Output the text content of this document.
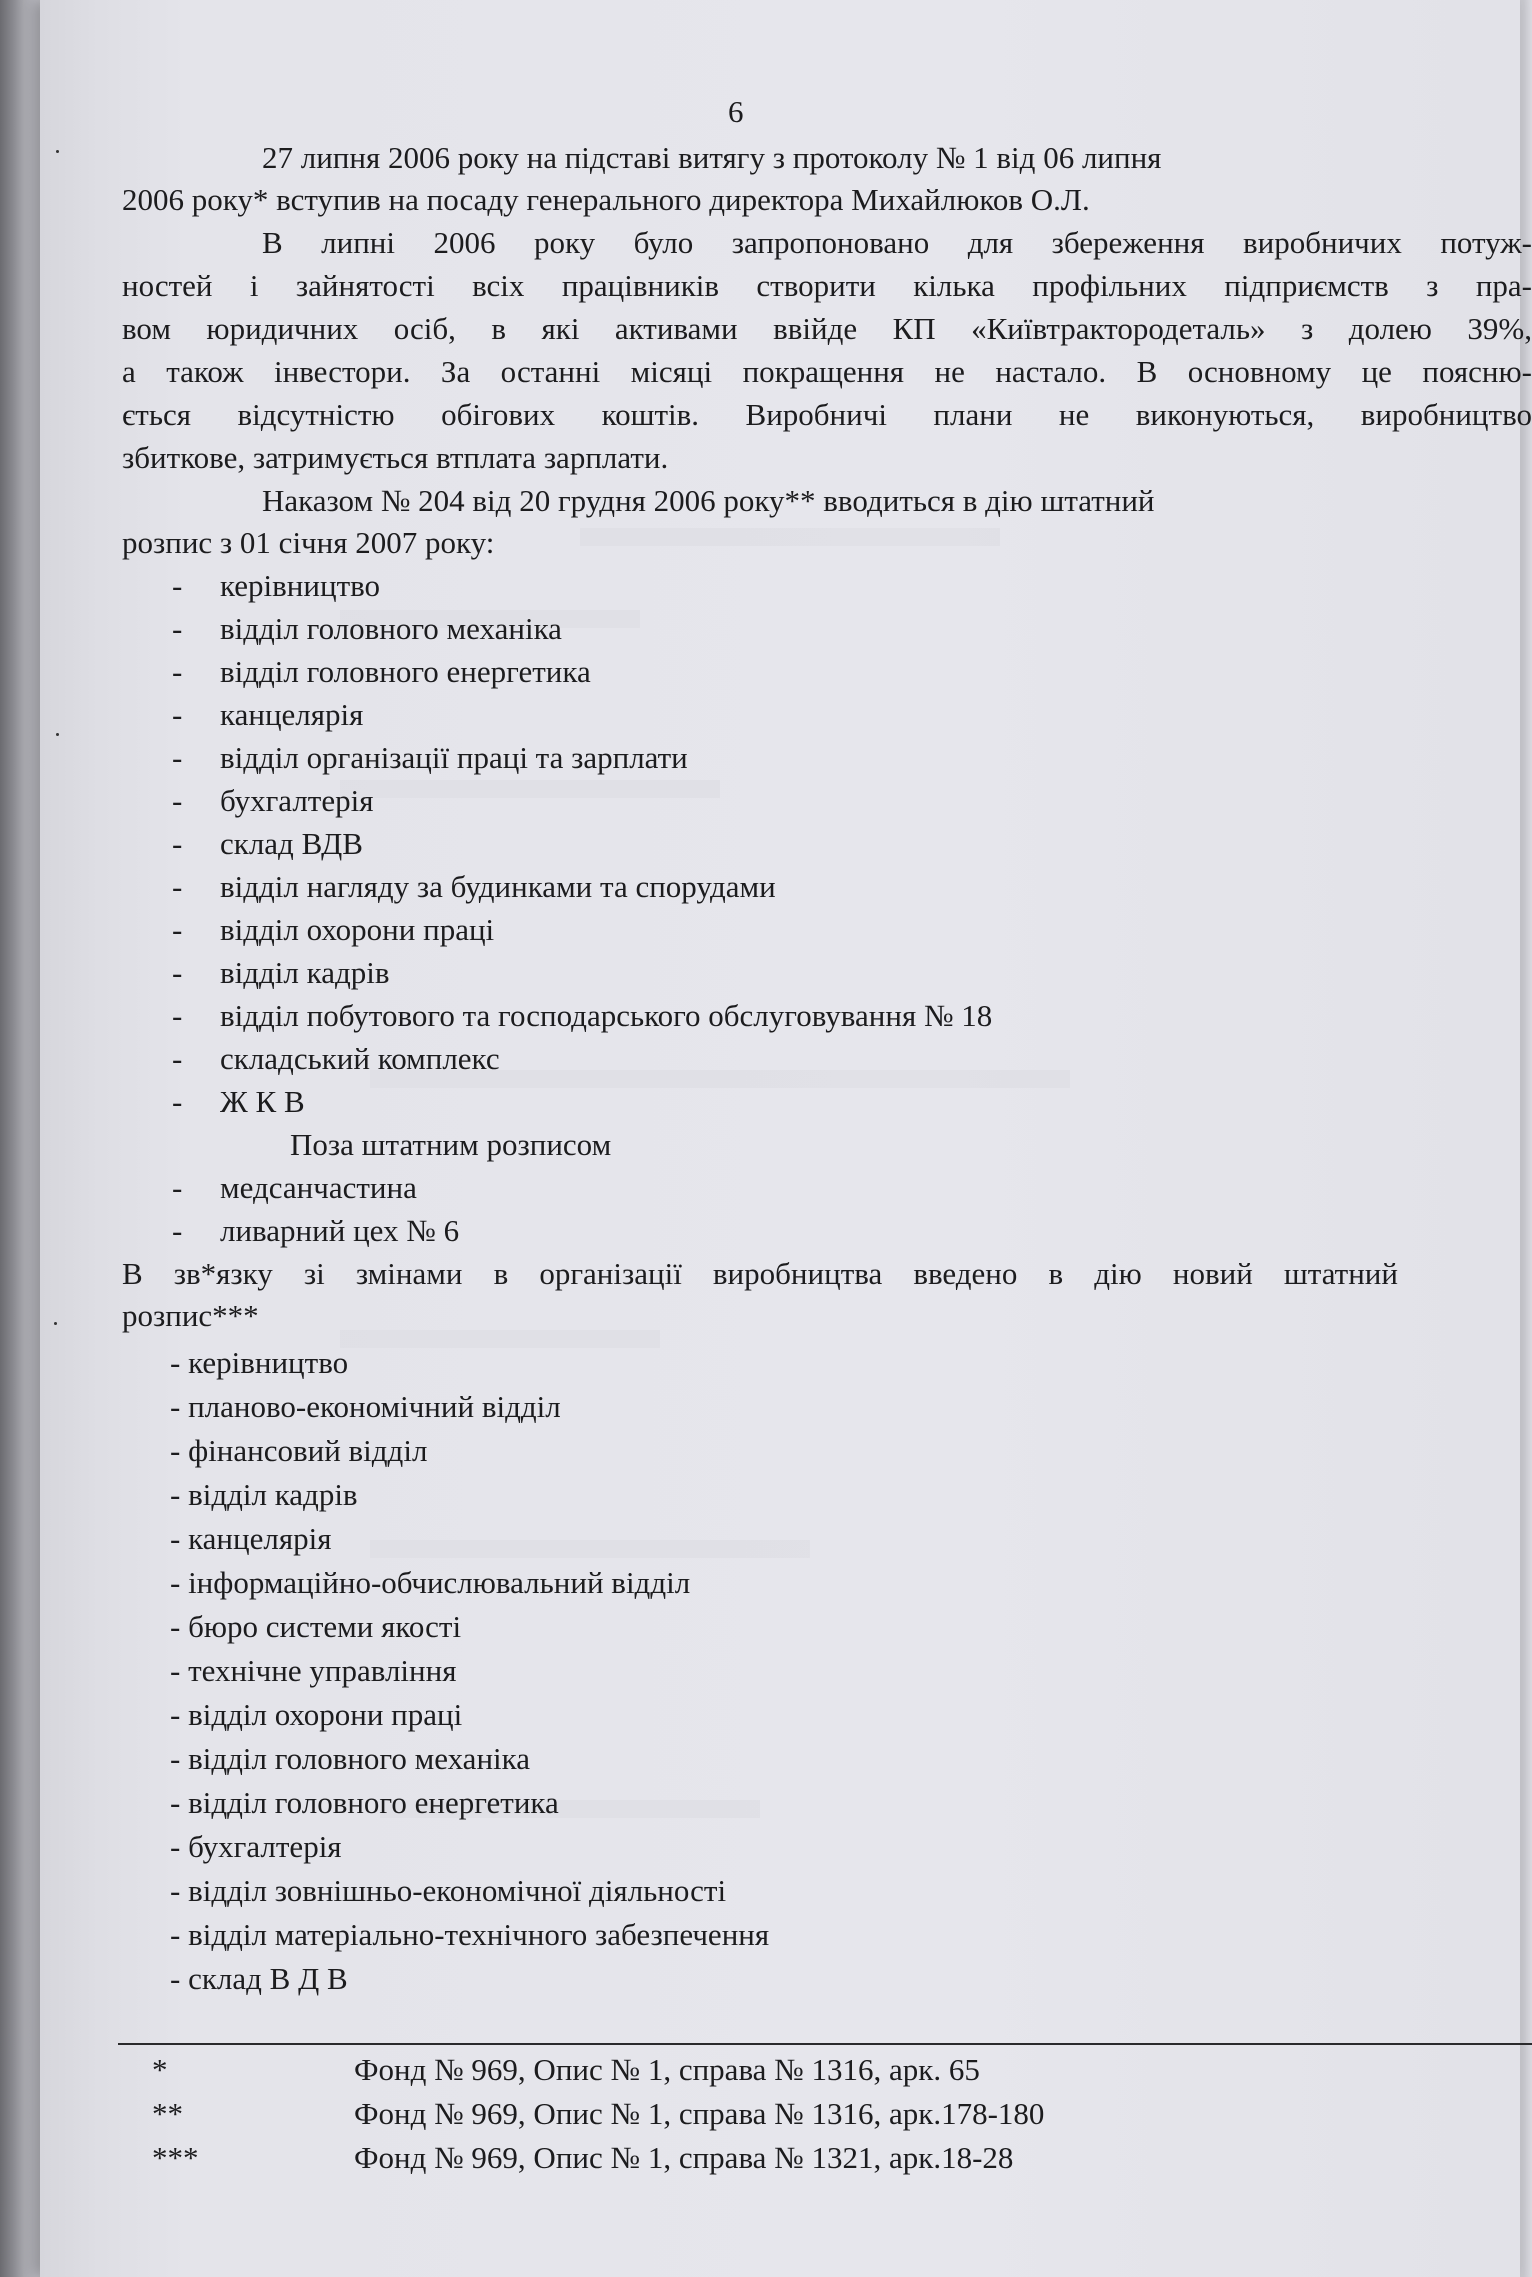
6
27 липня 2006 року на підставі витягу з протоколу № 1 від 06 липня
2006 року* вступив на посаду генерального директора Михайлюков О.Л.
В липні 2006 року було запропоновано для збереження виробничих потуж-
ностей і зайнятості всіх працівників створити кілька профільних підприємств з пра-
вом юридичних осіб, в які активами ввійде КП «Київтрактородеталь» з долею 39%,
а також інвестори. За останні місяці покращення не настало. В основному це поясню-
ється відсутністю обігових коштів. Виробничі плани не виконуються, виробництво
збиткове, затримується втплата зарплати.
Наказом № 204 від 20 грудня 2006 року** вводиться в дію штатний
розпис з 01 січня 2007 року:
- керівництво
- відділ головного механіка
- відділ головного енергетика
- канцелярія
- відділ організації праці та зарплати
- бухгалтерія
- склад ВДВ
- відділ нагляду за будинками та спорудами
- відділ охорони праці
- відділ кадрів
- відділ побутового та господарського обслуговування № 18
- складський комплекс
- Ж К В
Поза штатним розписом
- медсанчастина
- ливарний цех № 6
В зв*язку зі змінами в організації виробництва введено в дію новий штатний
розпис***
- керівництво
- планово-економічний відділ
- фінансовий відділ
- відділ кадрів
- канцелярія
- інформаційно-обчислювальний відділ
- бюро системи якості
- технічне управління
- відділ охорони праці
- відділ головного механіка
- відділ головного енергетика
- бухгалтерія
- відділ зовнішньо-економічної діяльності
- відділ матеріально-технічного забезпечення
- склад В Д В
*	Фонд № 969, Опис № 1, справа № 1316, арк. 65
**	Фонд № 969, Опис № 1, справа № 1316, арк.178-180
***	Фонд № 969, Опис № 1, справа № 1321, арк.18-28
